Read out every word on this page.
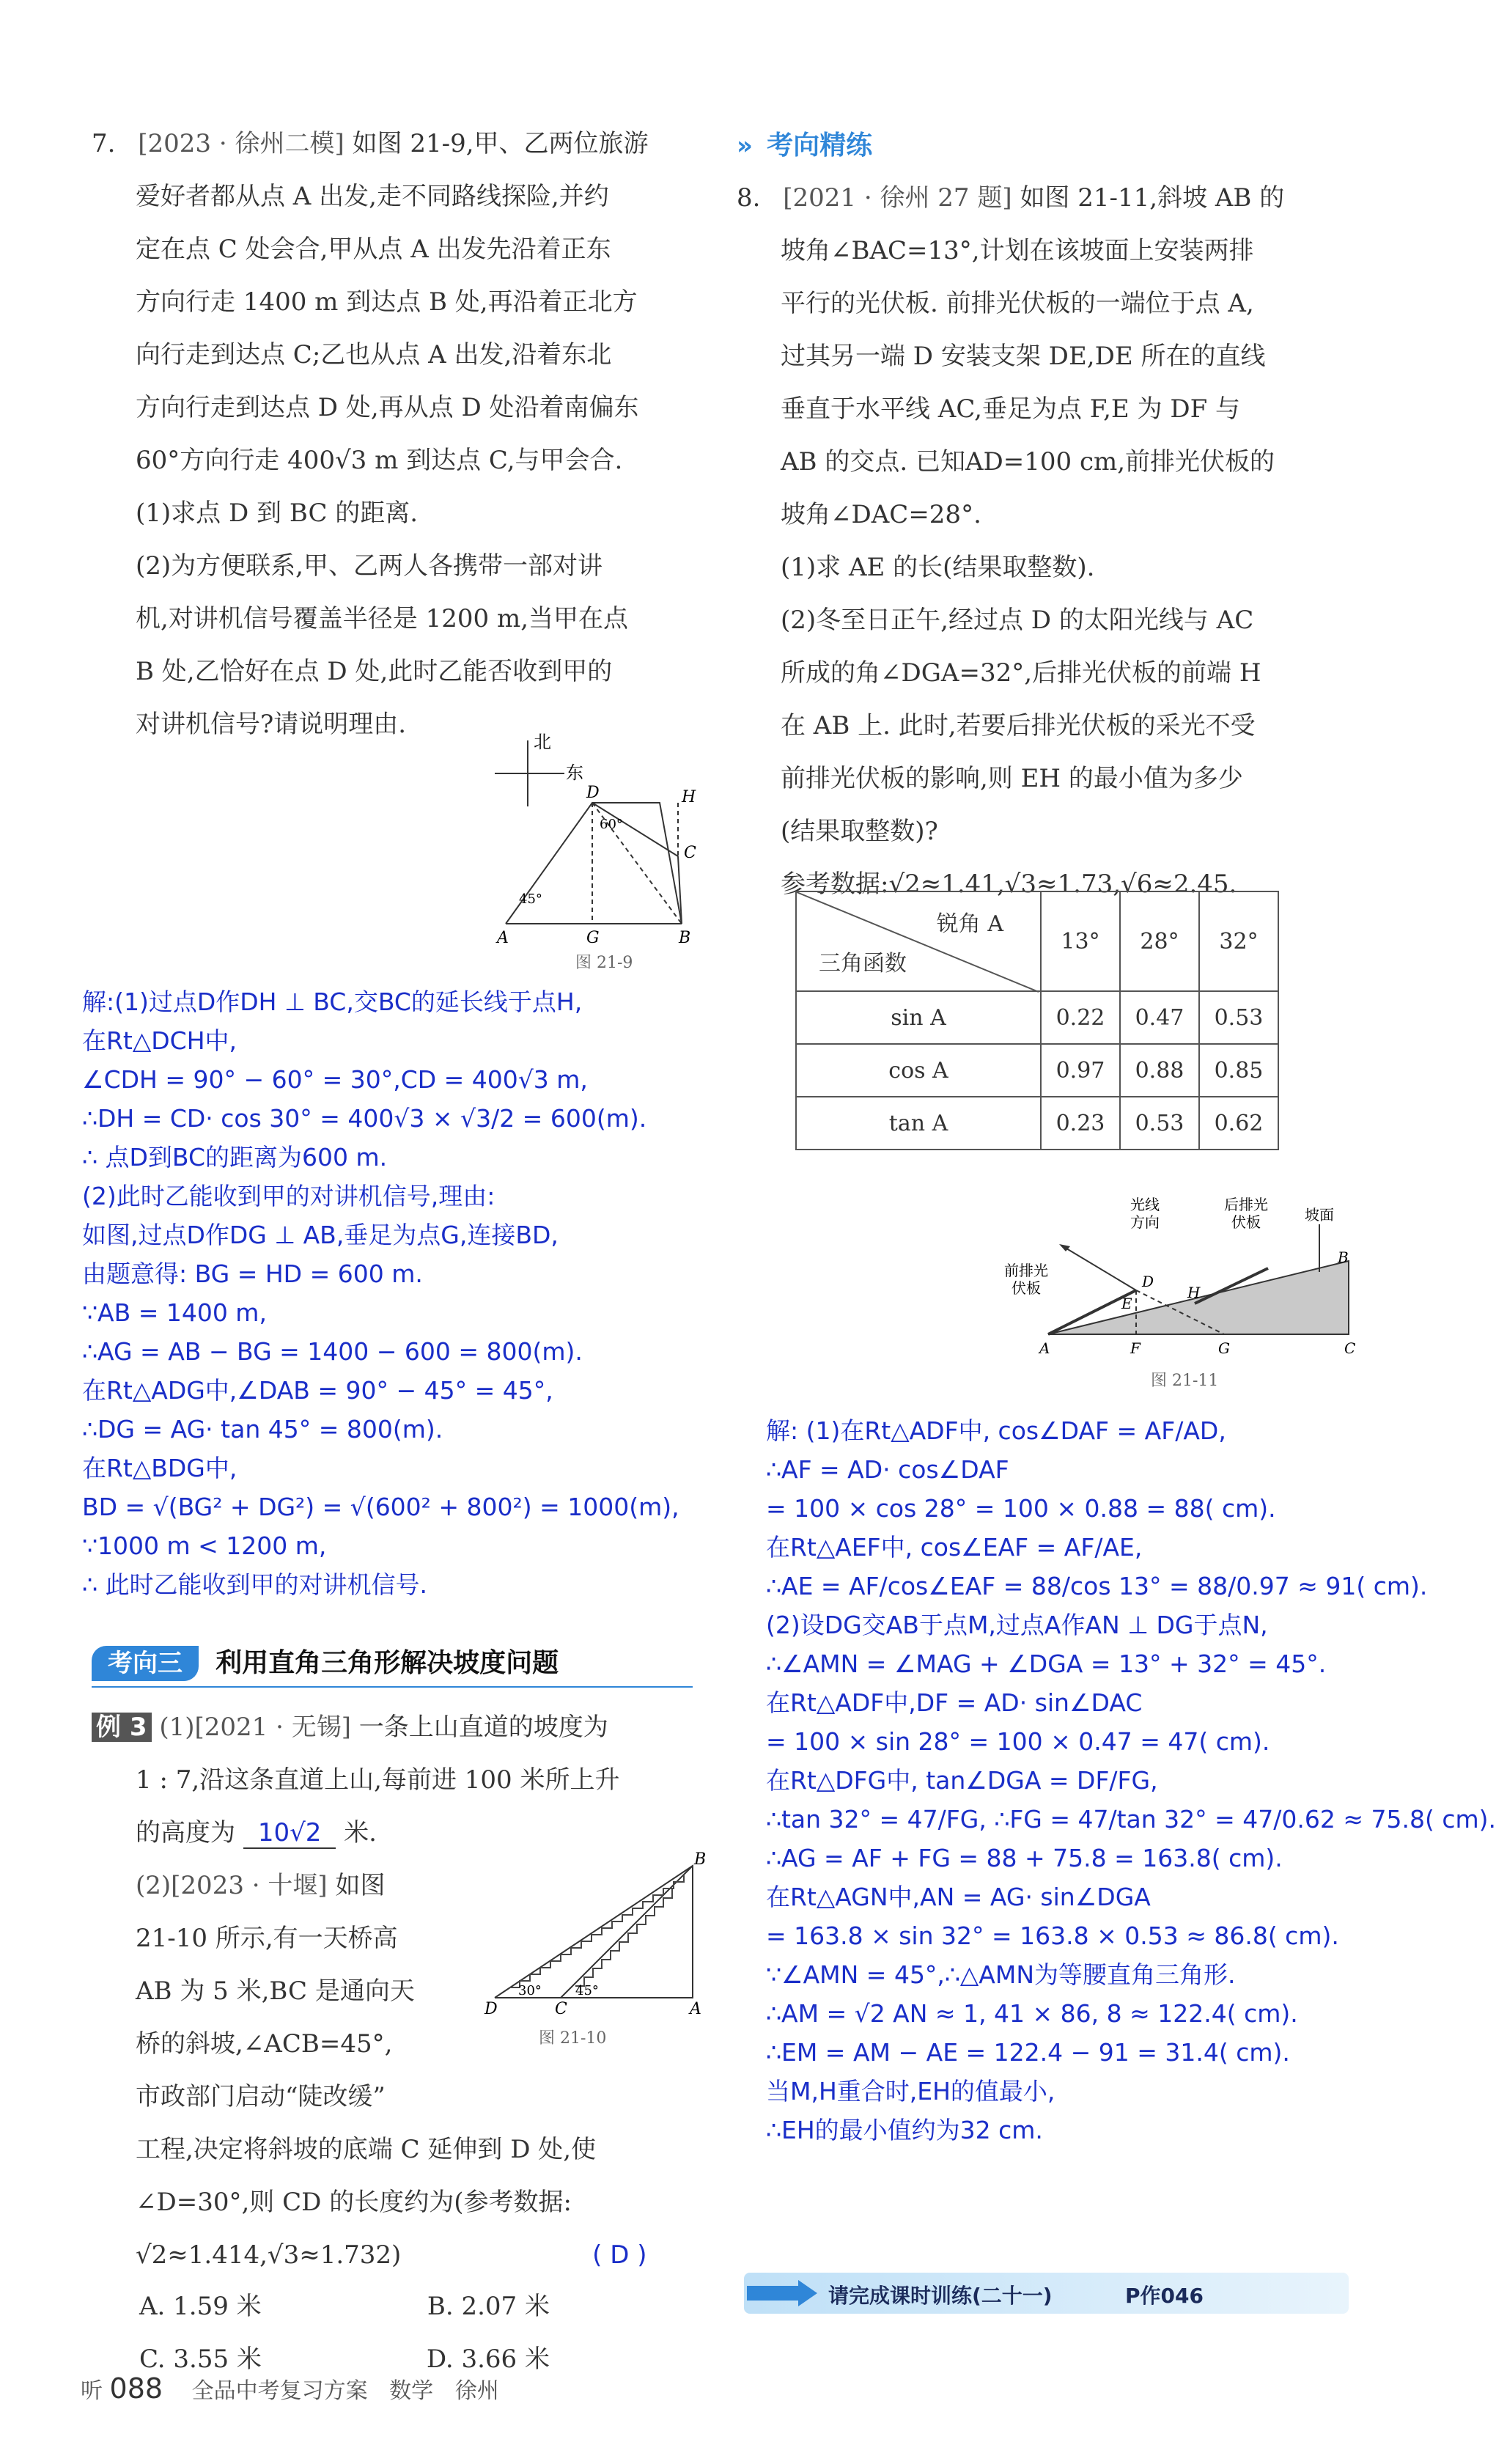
7. [2023 · 徐州二模] 如图 21-9,甲、乙两位旅游
爱好者都从点 A 出发,走不同路线探险,并约
定在点 C 处会合,甲从点 A 出发先沿着正东
方向行走 1400 m 到达点 B 处,再沿着正北方
向行走到达点 C;乙也从点 A 出发,沿着东北
方向行走到达点 D 处,再从点 D 处沿着南偏东
60°方向行走 400√3 m 到达点 C,与甲会合.
(1)求点 D 到 BC 的距离.
(2)为方便联系,甲、乙两人各携带一部对讲
机,对讲机信号覆盖半径是 1200 m,当甲在点
B 处,乙恰好在点 D 处,此时乙能否收到甲的
对讲机信号?请说明理由.
北
东
D	H
C
A	G	B
60°
45°
图 21-9
解:(1)过点D作DH ⊥ BC,交BC的延长线于点H,
在Rt△DCH中,
∠CDH = 90° − 60° = 30°,CD = 400√3 m,
∴DH = CD· cos 30° = 400√3 × √3/2 = 600(m).
∴ 点D到BC的距离为600 m.
(2)此时乙能收到甲的对讲机信号,理由:
如图,过点D作DG ⊥ AB,垂足为点G,连接BD,
由题意得: BG = HD = 600 m.
∵AB = 1400 m,
∴AG = AB − BG = 1400 − 600 = 800(m).
在Rt△ADG中,∠DAB = 90° − 45° = 45°,
∴DG = AG· tan 45° = 800(m).
在Rt△BDG中,
BD = √(BG² + DG²) = √(600² + 800²) = 1000(m),
∵1000 m < 1200 m,
∴ 此时乙能收到甲的对讲机信号.
考向三 利用直角三角形解决坡度问题
例 3 (1)[2021 · 无锡] 一条上山直道的坡度为
1 : 7,沿这条直道上山,每前进 100 米所上升
的高度为 10√2 米.
(2)[2023 · 十堰] 如图
21-10 所示,有一天桥高
AB 为 5 米,BC 是通向天
桥的斜坡,∠ACB=45°,
市政部门启动“陡改缓”
工程,决定将斜坡的底端 C 延伸到 D 处,使
∠D=30°,则 CD 的长度约为(参考数据:
√2≈1.414,√3≈1.732)	( D )
A. 1.59 米	B. 2.07 米
C. 3.55 米	D. 3.66 米
B
D	C	A
30°	45°
图 21-10
» 考向精练
8. [2021 · 徐州 27 题] 如图 21-11,斜坡 AB 的
坡角∠BAC=13°,计划在该坡面上安装两排
平行的光伏板. 前排光伏板的一端位于点 A,
过其另一端 D 安装支架 DE,DE 所在的直线
垂直于水平线 AC,垂足为点 F,E 为 DF 与
AB 的交点. 已知AD=100 cm,前排光伏板的
坡角∠DAC=28°.
(1)求 AE 的长(结果取整数).
(2)冬至日正午,经过点 D 的太阳光线与 AC
所成的角∠DGA=32°,后排光伏板的前端 H
在 AB 上. 此时,若要后排光伏板的采光不受
前排光伏板的影响,则 EH 的最小值为多少
(结果取整数)?
参考数据:√2≈1.41,√3≈1.73,√6≈2.45.
锐角 A
三角函数	13°	28°	32°
sin A	0.22	0.47	0.53
cos A	0.97	0.88	0.85
tan A	0.23	0.53	0.62
光线
方向
后排光
伏板	坡面
前排光
伏板	D
E
H
B
A	F	G	C
图 21-11
解: (1)在Rt△ADF中, cos∠DAF = AF/AD,
∴AF = AD· cos∠DAF
= 100 × cos 28° = 100 × 0.88 = 88( cm).
在Rt△AEF中, cos∠EAF = AF/AE,
∴AE = AF/cos∠EAF = 88/cos 13° = 88/0.97 ≈ 91( cm).
(2)设DG交AB于点M,过点A作AN ⊥ DG于点N,
∴∠AMN = ∠MAG + ∠DGA = 13° + 32° = 45°.
在Rt△ADF中,DF = AD· sin∠DAC
= 100 × sin 28° = 100 × 0.47 = 47( cm).
在Rt△DFG中, tan∠DGA = DF/FG,
∴tan 32° = 47/FG, ∴FG = 47/tan 32° = 47/0.62 ≈ 75.8( cm).
∴AG = AF + FG = 88 + 75.8 = 163.8( cm).
在Rt△AGN中,AN = AG· sin∠DGA
= 163.8 × sin 32° = 163.8 × 0.53 ≈ 86.8( cm).
∵∠AMN = 45°,∴△AMN为等腰直角三角形.
∴AM = √2 AN ≈ 1, 41 × 86, 8 ≈ 122.4( cm).
∴EM = AM − AE = 122.4 − 91 = 31.4( cm).
当M,H重合时,EH的值最小,
∴EH的最小值约为32 cm.
请完成课时训练(二十一)	P作046
听 088 全品中考复习方案 数学 徐州
